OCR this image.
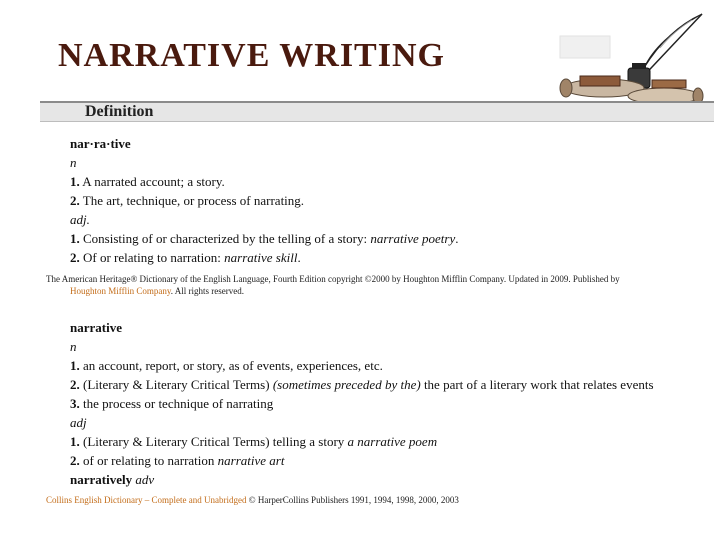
NARRATIVE WRITING
Definition
nar·ra·tive
n
1. A narrated account; a story.
2. The art, technique, or process of narrating.
adj.
1. Consisting of or characterized by the telling of a story: narrative poetry.
2. Of or relating to narration: narrative skill.
The American Heritage® Dictionary of the English Language, Fourth Edition copyright ©2000 by Houghton Mifflin Company. Updated in 2009. Published by
Houghton Mifflin Company. All rights reserved.
narrative
n
1. an account, report, or story, as of events, experiences, etc.
2. (Literary & Literary Critical Terms) (sometimes preceded by the) the part of a literary work that relates events
3. the process or technique of narrating
adj
1. (Literary & Literary Critical Terms) telling a story a narrative poem
2. of or relating to narration narrative art
narratively adv
Collins English Dictionary – Complete and Unabridged © HarperCollins Publishers 1991, 1994, 1998, 2000, 2003
